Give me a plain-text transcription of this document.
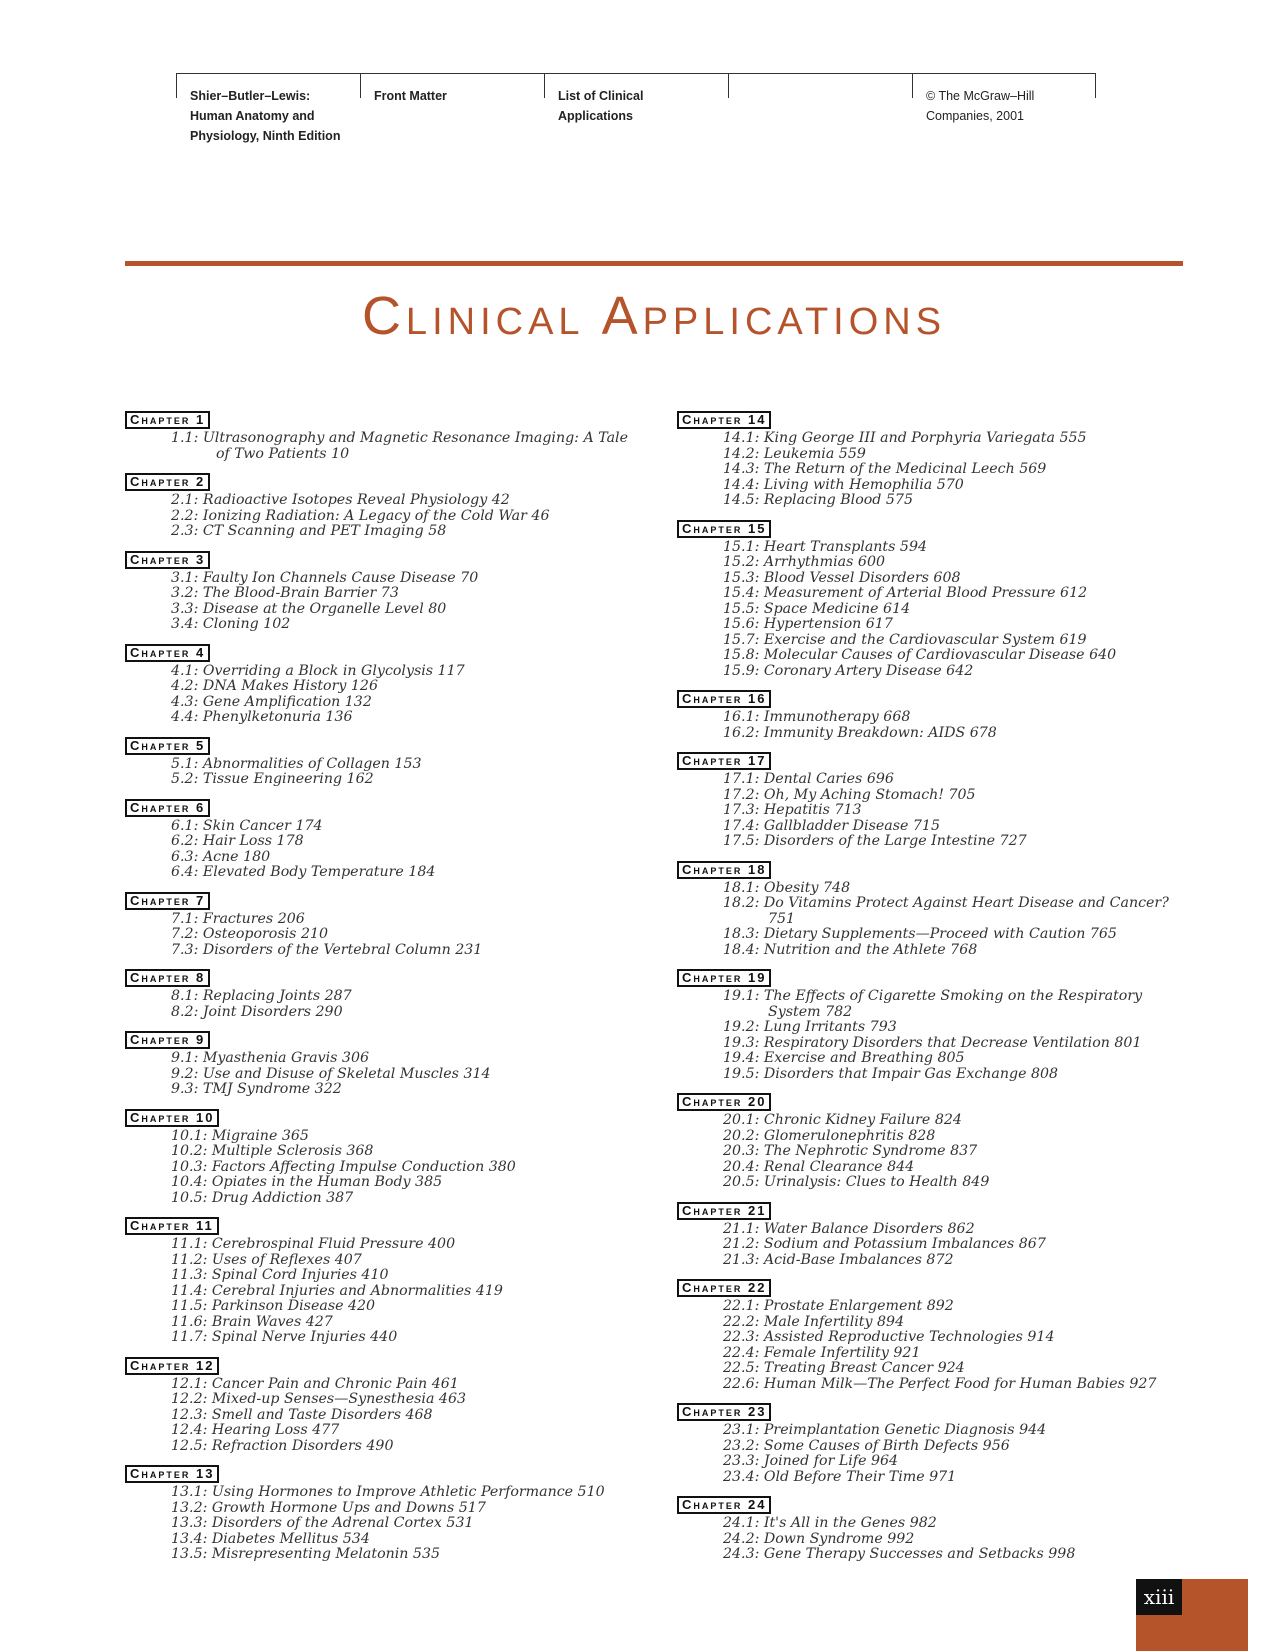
Shier–Butler–Lewis:
Human Anatomy and
Physiology, Ninth Edition
Front Matter	List of Clinical
Applications
© The McGraw–Hill
Companies, 2001
Clinical Applications
Chapter 1
1.1: Ultrasonography and Magnetic Resonance Imaging: A Tale of Two Patients 10
Chapter 2
2.1: Radioactive Isotopes Reveal Physiology 42
2.2: Ionizing Radiation: A Legacy of the Cold War 46
2.3: CT Scanning and PET Imaging 58
Chapter 3
3.1: Faulty Ion Channels Cause Disease 70
3.2: The Blood-Brain Barrier 73
3.3: Disease at the Organelle Level 80
3.4: Cloning 102
Chapter 4
4.1: Overriding a Block in Glycolysis 117
4.2: DNA Makes History 126
4.3: Gene Amplification 132
4.4: Phenylketonuria 136
Chapter 5
5.1: Abnormalities of Collagen 153
5.2: Tissue Engineering 162
Chapter 6
6.1: Skin Cancer 174
6.2: Hair Loss 178
6.3: Acne 180
6.4: Elevated Body Temperature 184
Chapter 7
7.1: Fractures 206
7.2: Osteoporosis 210
7.3: Disorders of the Vertebral Column 231
Chapter 8
8.1: Replacing Joints 287
8.2: Joint Disorders 290
Chapter 9
9.1: Myasthenia Gravis 306
9.2: Use and Disuse of Skeletal Muscles 314
9.3: TMJ Syndrome 322
Chapter 10
10.1: Migraine 365
10.2: Multiple Sclerosis 368
10.3: Factors Affecting Impulse Conduction 380
10.4: Opiates in the Human Body 385
10.5: Drug Addiction 387
Chapter 11
11.1: Cerebrospinal Fluid Pressure 400
11.2: Uses of Reflexes 407
11.3: Spinal Cord Injuries 410
11.4: Cerebral Injuries and Abnormalities 419
11.5: Parkinson Disease 420
11.6: Brain Waves 427
11.7: Spinal Nerve Injuries 440
Chapter 12
12.1: Cancer Pain and Chronic Pain 461
12.2: Mixed-up Senses—Synesthesia 463
12.3: Smell and Taste Disorders 468
12.4: Hearing Loss 477
12.5: Refraction Disorders 490
Chapter 13
13.1: Using Hormones to Improve Athletic Performance 510
13.2: Growth Hormone Ups and Downs 517
13.3: Disorders of the Adrenal Cortex 531
13.4: Diabetes Mellitus 534
13.5: Misrepresenting Melatonin 535
Chapter 14
14.1: King George III and Porphyria Variegata 555
14.2: Leukemia 559
14.3: The Return of the Medicinal Leech 569
14.4: Living with Hemophilia 570
14.5: Replacing Blood 575
Chapter 15
15.1: Heart Transplants 594
15.2: Arrhythmias 600
15.3: Blood Vessel Disorders 608
15.4: Measurement of Arterial Blood Pressure 612
15.5: Space Medicine 614
15.6: Hypertension 617
15.7: Exercise and the Cardiovascular System 619
15.8: Molecular Causes of Cardiovascular Disease 640
15.9: Coronary Artery Disease 642
Chapter 16
16.1: Immunotherapy 668
16.2: Immunity Breakdown: AIDS 678
Chapter 17
17.1: Dental Caries 696
17.2: Oh, My Aching Stomach! 705
17.3: Hepatitis 713
17.4: Gallbladder Disease 715
17.5: Disorders of the Large Intestine 727
Chapter 18
18.1: Obesity 748
18.2: Do Vitamins Protect Against Heart Disease and Cancer? 751
18.3: Dietary Supplements—Proceed with Caution 765
18.4: Nutrition and the Athlete 768
Chapter 19
19.1: The Effects of Cigarette Smoking on the Respiratory System 782
19.2: Lung Irritants 793
19.3: Respiratory Disorders that Decrease Ventilation 801
19.4: Exercise and Breathing 805
19.5: Disorders that Impair Gas Exchange 808
Chapter 20
20.1: Chronic Kidney Failure 824
20.2: Glomerulonephritis 828
20.3: The Nephrotic Syndrome 837
20.4: Renal Clearance 844
20.5: Urinalysis: Clues to Health 849
Chapter 21
21.1: Water Balance Disorders 862
21.2: Sodium and Potassium Imbalances 867
21.3: Acid-Base Imbalances 872
Chapter 22
22.1: Prostate Enlargement 892
22.2: Male Infertility 894
22.3: Assisted Reproductive Technologies 914
22.4: Female Infertility 921
22.5: Treating Breast Cancer 924
22.6: Human Milk—The Perfect Food for Human Babies 927
Chapter 23
23.1: Preimplantation Genetic Diagnosis 944
23.2: Some Causes of Birth Defects 956
23.3: Joined for Life 964
23.4: Old Before Their Time 971
Chapter 24
24.1: It's All in the Genes 982
24.2: Down Syndrome 992
24.3: Gene Therapy Successes and Setbacks 998
xiii
